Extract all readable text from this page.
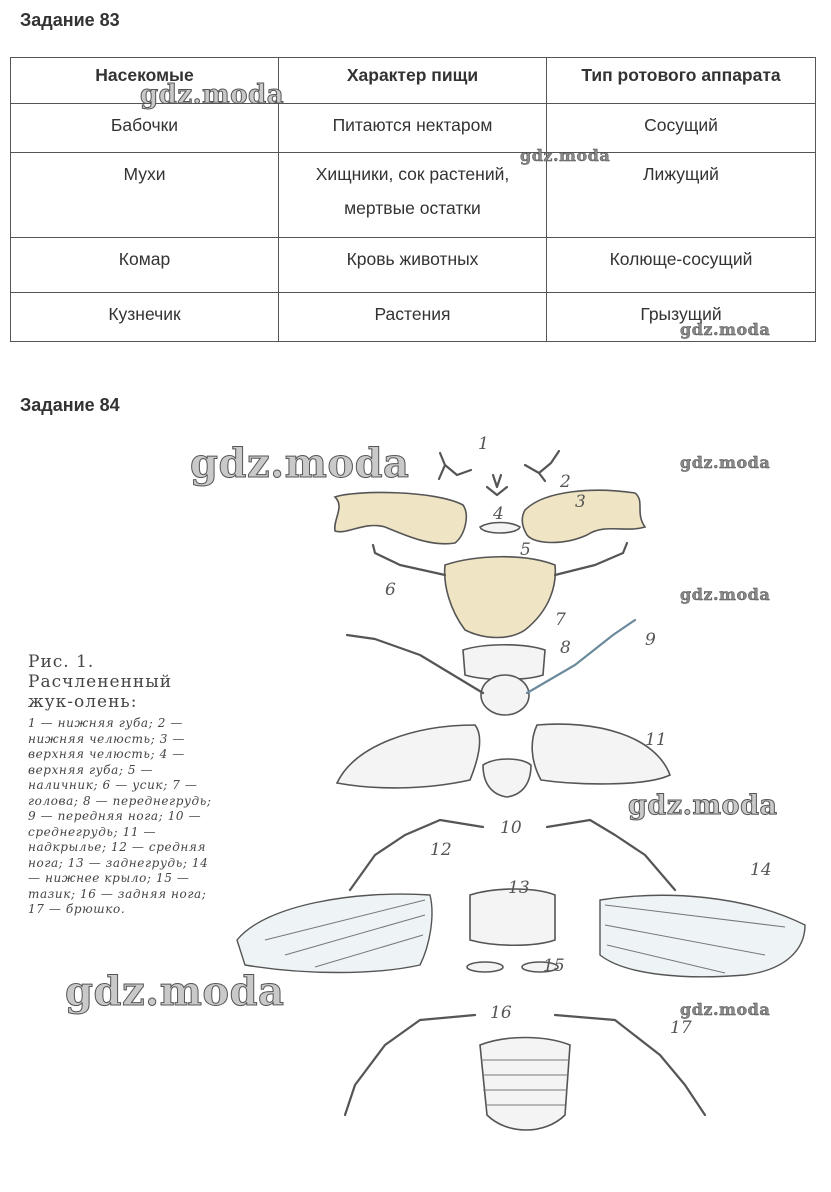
Задание 83
Насекомые	Характер пищи	Тип ротового аппарата
Бабочки	Питаются нектаром	Сосущий
Мухи	Хищники, сок растений, мертвые остатки	Лижущий
Комар	Кровь животных	Колюще-сосущий
Кузнечик	Растения	Грызущий
gdz.moda
gdz.moda
gdz.moda
Задание 84
Рис. 1. Расчлененный жук-олень:
1 — нижняя губа; 2 — нижняя челюсть; 3 — верхняя челюсть; 4 — верхняя губа; 5 — наличник; 6 — усик; 7 — голова; 8 — переднегрудь; 9 — передняя нога; 10 — среднегрудь; 11 — надкрылье; 12 — средняя нога; 13 — заднегрудь; 14 — нижнее крыло; 15 — тазик; 16 — задняя нога; 17 — брюшко.
1
2
3
4
5
6
7
8	9
10
11
12
13
14
15
16
17
gdz.moda	gdz.moda
gdz.moda
gdz.moda
gdz.moda	gdz.moda
